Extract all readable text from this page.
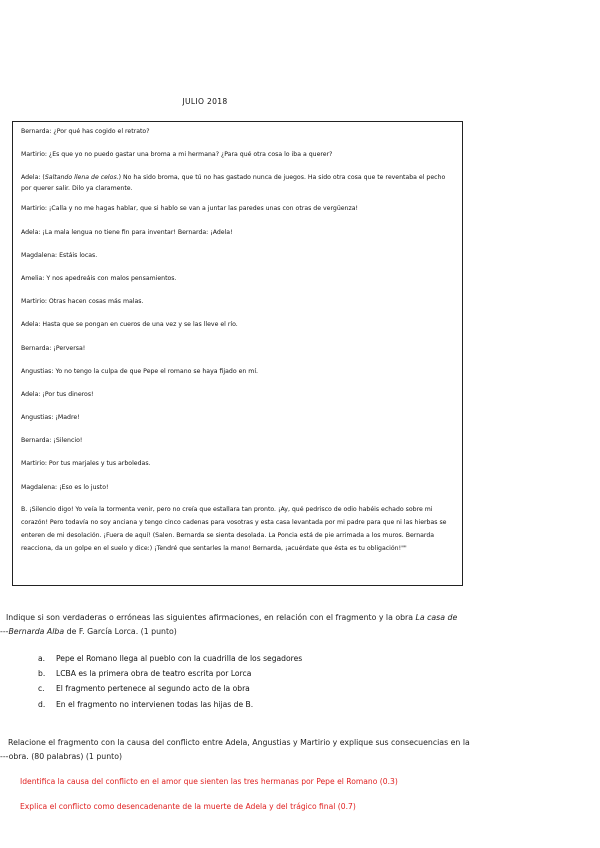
JULIO 2018
Bernarda: ¿Por qué has cogido el retrato?
Martirio: ¿Es que yo no puedo gastar una broma a mi hermana? ¿Para qué otra cosa lo iba a querer?
Adela: (Saltando llena de celos.) No ha sido broma, que tú no has gastado nunca de juegos. Ha sido otra cosa que te reventaba el pecho por querer salir. Dilo ya claramente.
Martirio: ¡Calla y no me hagas hablar, que si hablo se van a juntar las paredes unas con otras de vergüenza!
Adela: ¡La mala lengua no tiene fin para inventar! Bernarda: ¡Adela!
Magdalena: Estáis locas.
Amelia: Y nos apedreáis con malos pensamientos.
Martirio: Otras hacen cosas más malas.
Adela: Hasta que se pongan en cueros de una vez y se las lleve el río.
Bernarda: ¡Perversa!
Angustias: Yo no tengo la culpa de que Pepe el romano se haya fijado en mí.
Adela: ¡Por tus dineros!
Angustias: ¡Madre!
Bernarda: ¡Silencio!
Martirio: Por tus marjales y tus arboledas.
Magdalena: ¡Eso es lo justo!
B. ¡Silencio digo! Yo veía la tormenta venir, pero no creía que estallara tan pronto. ¡Ay, qué pedrisco de odio habéis echado sobre mi corazón! Pero todavía no soy anciana y tengo cinco cadenas para vosotras y esta casa levantada por mi padre para que ni las hierbas se enteren de mi desolación. ¡Fuera de aquí! (Salen. Bernarda se sienta desolada. La Poncia está de pie arrimada a los muros. Bernarda reacciona, da un golpe en el suelo y dice:) ¡Tendré que sentarles la mano! Bernarda, ¡acuérdate que ésta es tu obligación!""
Indique si son verdaderas o erróneas las siguientes afirmaciones, en relación con el fragmento y la obra La casa de
---Bernarda Alba de F. García Lorca. (1 punto)
a. Pepe el Romano llega al pueblo con la cuadrilla de los segadores
b. LCBA es la primera obra de teatro escrita por Lorca
c. El fragmento pertenece al segundo acto de la obra
d. En el fragmento no intervienen todas las hijas de B.
Relacione el fragmento con la causa del conflicto entre Adela, Angustias y Martirio y explique sus consecuencias en la
---obra. (80 palabras) (1 punto)
Identifica la causa del conflicto en el amor que sienten las tres hermanas por Pepe el Romano (0.3)
Explica el conflicto como desencadenante de la muerte de Adela y del trágico final (0.7)
